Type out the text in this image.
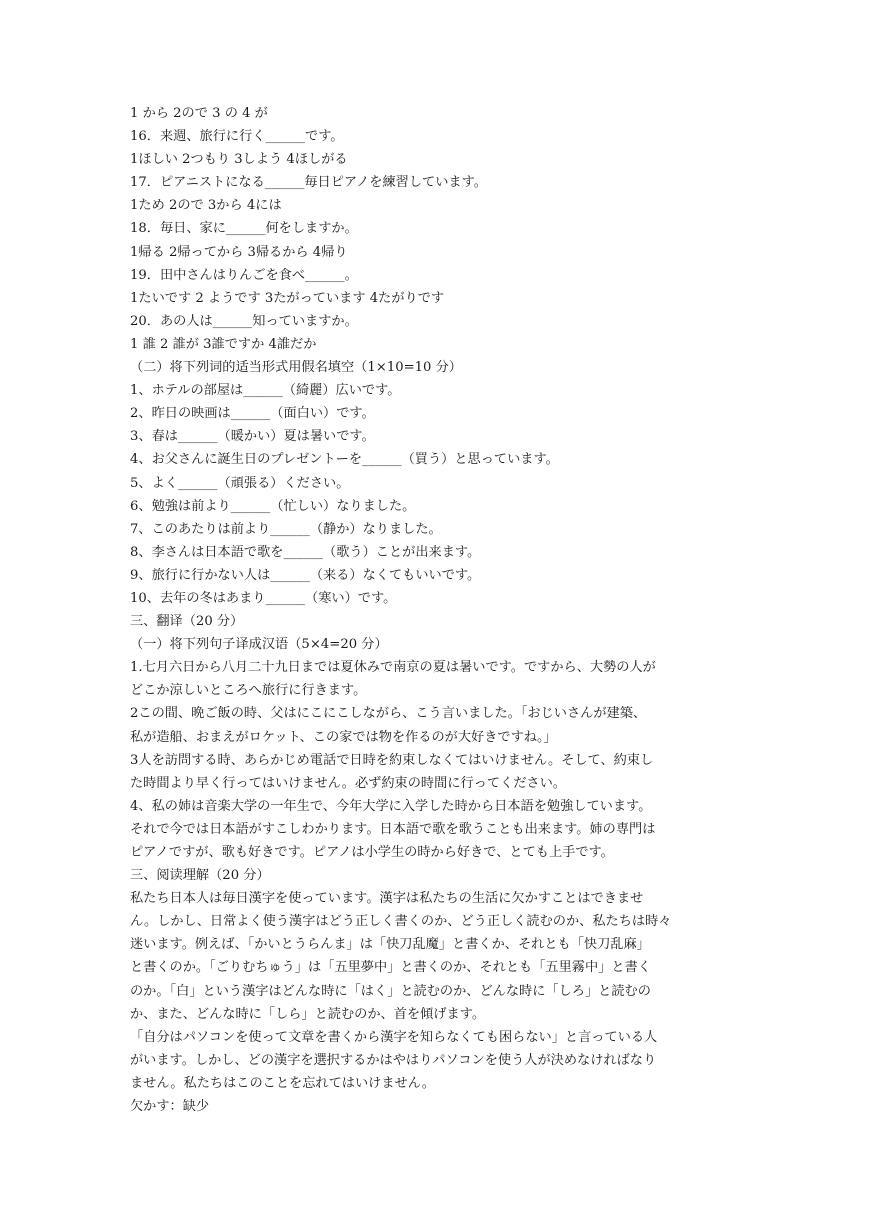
1 から 2ので 3 の 4 が
16．来週、旅行に行く______です。
1ほしい 2つもり 3しよう 4ほしがる
17．ピアニストになる______毎日ピアノを練習しています。
1ため 2ので 3から 4には
18．毎日、家に______何をしますか。
1帰る 2帰ってから 3帰るから 4帰り
19．田中さんはりんごを食べ______。
1たいです 2 ようです 3たがっています 4たがりです
20．あの人は______知っていますか。
1 誰 2 誰が 3誰ですか 4誰だか
（二）将下列词的适当形式用假名填空（1×10=10 分）
1、ホテルの部屋は______（綺麗）広いです。
2、昨日の映画は______（面白い）です。
3、春は______（暖かい）夏は暑いです。
4、お父さんに誕生日のプレゼントーを______（買う）と思っています。
5、よく______（頑張る）ください。
6、勉強は前より______（忙しい）なりました。
7、このあたりは前より______（静か）なりました。
8、李さんは日本語で歌を______（歌う）ことが出来ます。
9、旅行に行かない人は______（来る）なくてもいいです。
10、去年の冬はあまり______（寒い）です。
三、翻译（20 分）
（一）将下列句子译成汉语（5×4=20 分）
1.七月六日から八月二十九日までは夏休みで南京の夏は暑いです。ですから、大勢の人が
どこか涼しいところへ旅行に行きます。
2この間、晩ご飯の時、父はにこにこしながら、こう言いました。「おじいさんが建築、
私が造船、おまえがロケット、この家では物を作るのが大好きですね。」
3人を訪問する時、あらかじめ電話で日時を約束しなくてはいけません。そして、約束し
た時間より早く行ってはいけません。必ず約束の時間に行ってください。
4、私の姉は音楽大学の一年生で、今年大学に入学した時から日本語を勉強しています。
それで今では日本語がすこしわかります。日本語で歌を歌うことも出来ます。姉の専門は
ピアノですが、歌も好きです。ピアノは小学生の時から好きで、とても上手です。
三、阅读理解（20 分）
私たち日本人は毎日漢字を使っています。漢字は私たちの生活に欠かすことはできませ
ん。しかし、日常よく使う漢字はどう正しく書くのか、どう正しく読むのか、私たちは時々
迷います。例えば、「かいとうらんま」は「快刀乱魔」と書くか、それとも「快刀乱麻」
と書くのか。「ごりむちゅう」は「五里夢中」と書くのか、それとも「五里霧中」と書く
のか。「白」という漢字はどんな時に「はく」と読むのか、どんな時に「しろ」と読むの
か、また、どんな時に「しら」と読むのか、首を傾げます。
「自分はパソコンを使って文章を書くから漢字を知らなくても困らない」と言っている人
がいます。しかし、どの漢字を選択するかはやはりパソコンを使う人が決めなければなり
ません。私たちはこのことを忘れてはいけません。
欠かす：缺少
